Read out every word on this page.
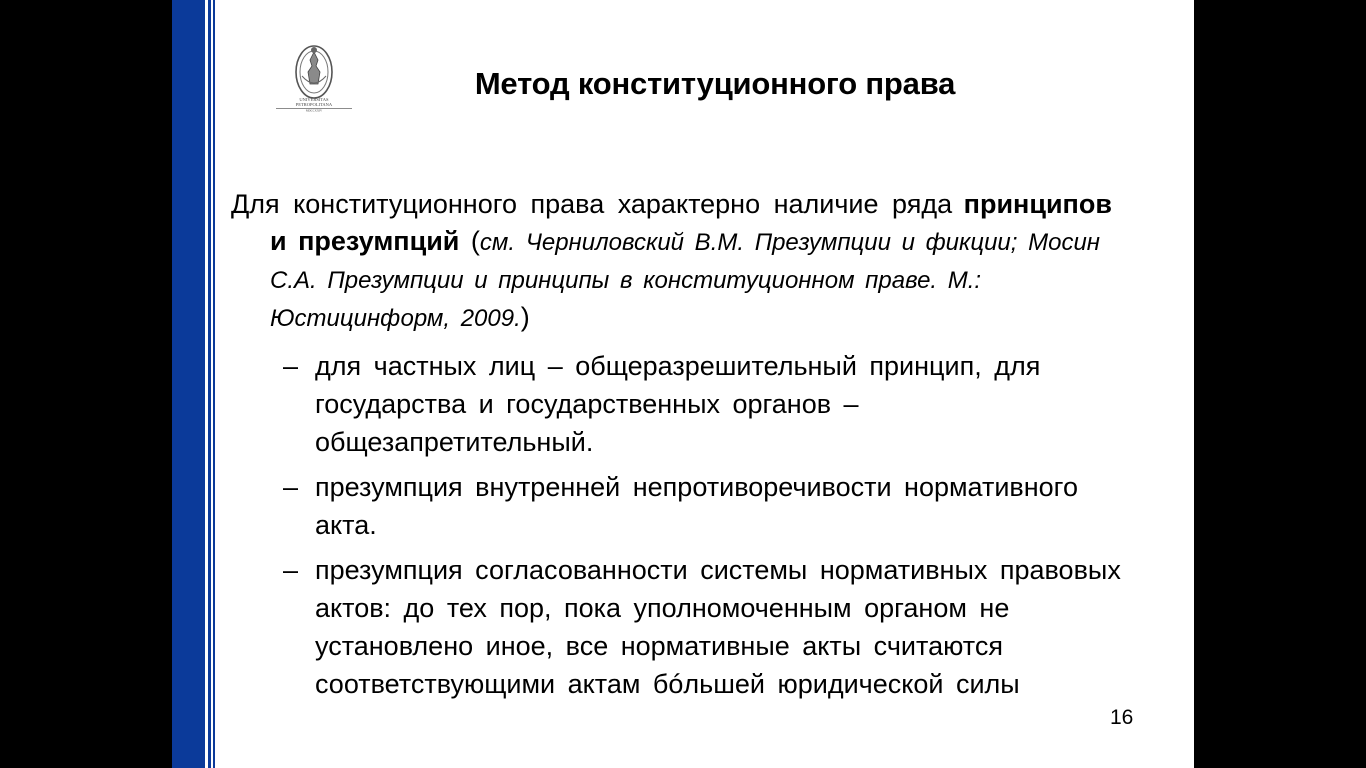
UNIVERSITAS
PETROPOLITANA
MDCCXXIV
Метод конституционного права

Для конституционного права характерно наличие ряда принципов и презумпций (см. Черниловский В.М. Презумпции и фикции; Мосин С.А. Презумпции и принципы в конституционном праве. М.: Юстицинформ, 2009.)

– для частных лиц – общеразрешительный принцип, для государства и государственных органов – общезапретительный.
– презумпция внутренней непротиворечивости нормативного акта.
– презумпция согласованности системы нормативных правовых актов: до тех пор, пока уполномоченным органом не установлено иное, все нормативные акты считаются соответствующими актам бóльшей юридической силы
16
